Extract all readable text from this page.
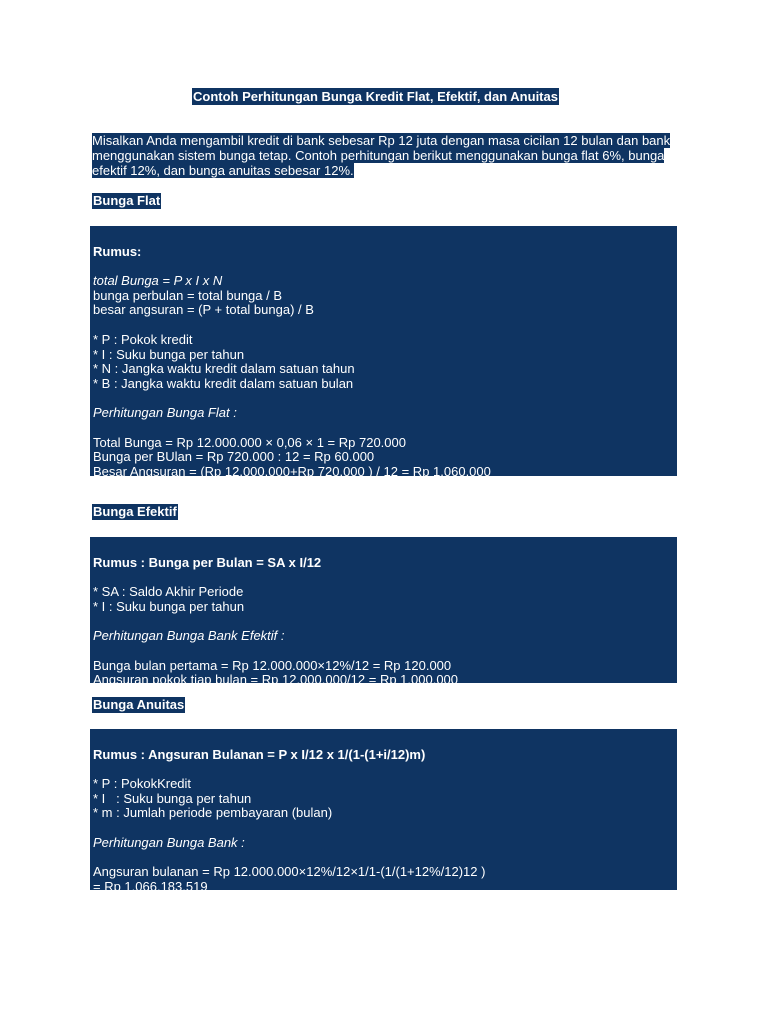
Contoh Perhitungan Bunga Kredit Flat, Efektif, dan Anuitas
Misalkan Anda mengambil kredit di bank sebesar Rp 12 juta dengan masa cicilan 12 bulan dan bank menggunakan sistem bunga tetap. Contoh perhitungan berikut menggunakan bunga flat 6%, bunga efektif 12%, dan bunga anuitas sebesar 12%.
Bunga Flat
Rumus:
total Bunga = P x I x N
bunga perbulan = total bunga / B
besar angsuran = (P + total bunga) / B
* P : Pokok kredit
* I : Suku bunga per tahun
* N : Jangka waktu kredit dalam satuan tahun
* B : Jangka waktu kredit dalam satuan bulan
Perhitungan Bunga Flat :
Total Bunga = Rp 12.000.000 × 0,06 × 1 = Rp 720.000
Bunga per BUlan = Rp 720.000 : 12 = Rp 60.000
Besar Angsuran = (Rp 12.000.000+Rp 720.000 ) / 12 = Rp 1.060.000
Bunga Efektif
Rumus : Bunga per Bulan = SA x I/12
* SA : Saldo Akhir Periode
* I : Suku bunga per tahun
Perhitungan Bunga Bank Efektif :
Bunga bulan pertama = Rp 12.000.000×12%/12 = Rp 120.000
Angsuran pokok tiap bulan = Rp 12.000.000/12 = Rp 1.000.000
Bunga Anuitas
Rumus : Angsuran Bulanan = P x I/12 x 1/(1-(1+i/12)m)
* P : PokokKredit
* I   : Suku bunga per tahun
* m : Jumlah periode pembayaran (bulan)
Perhitungan Bunga Bank :
Angsuran bulanan = Rp 12.000.000×12%/12×1/1-(1/(1+12%/12)12 )
= Rp 1.066.183,519
